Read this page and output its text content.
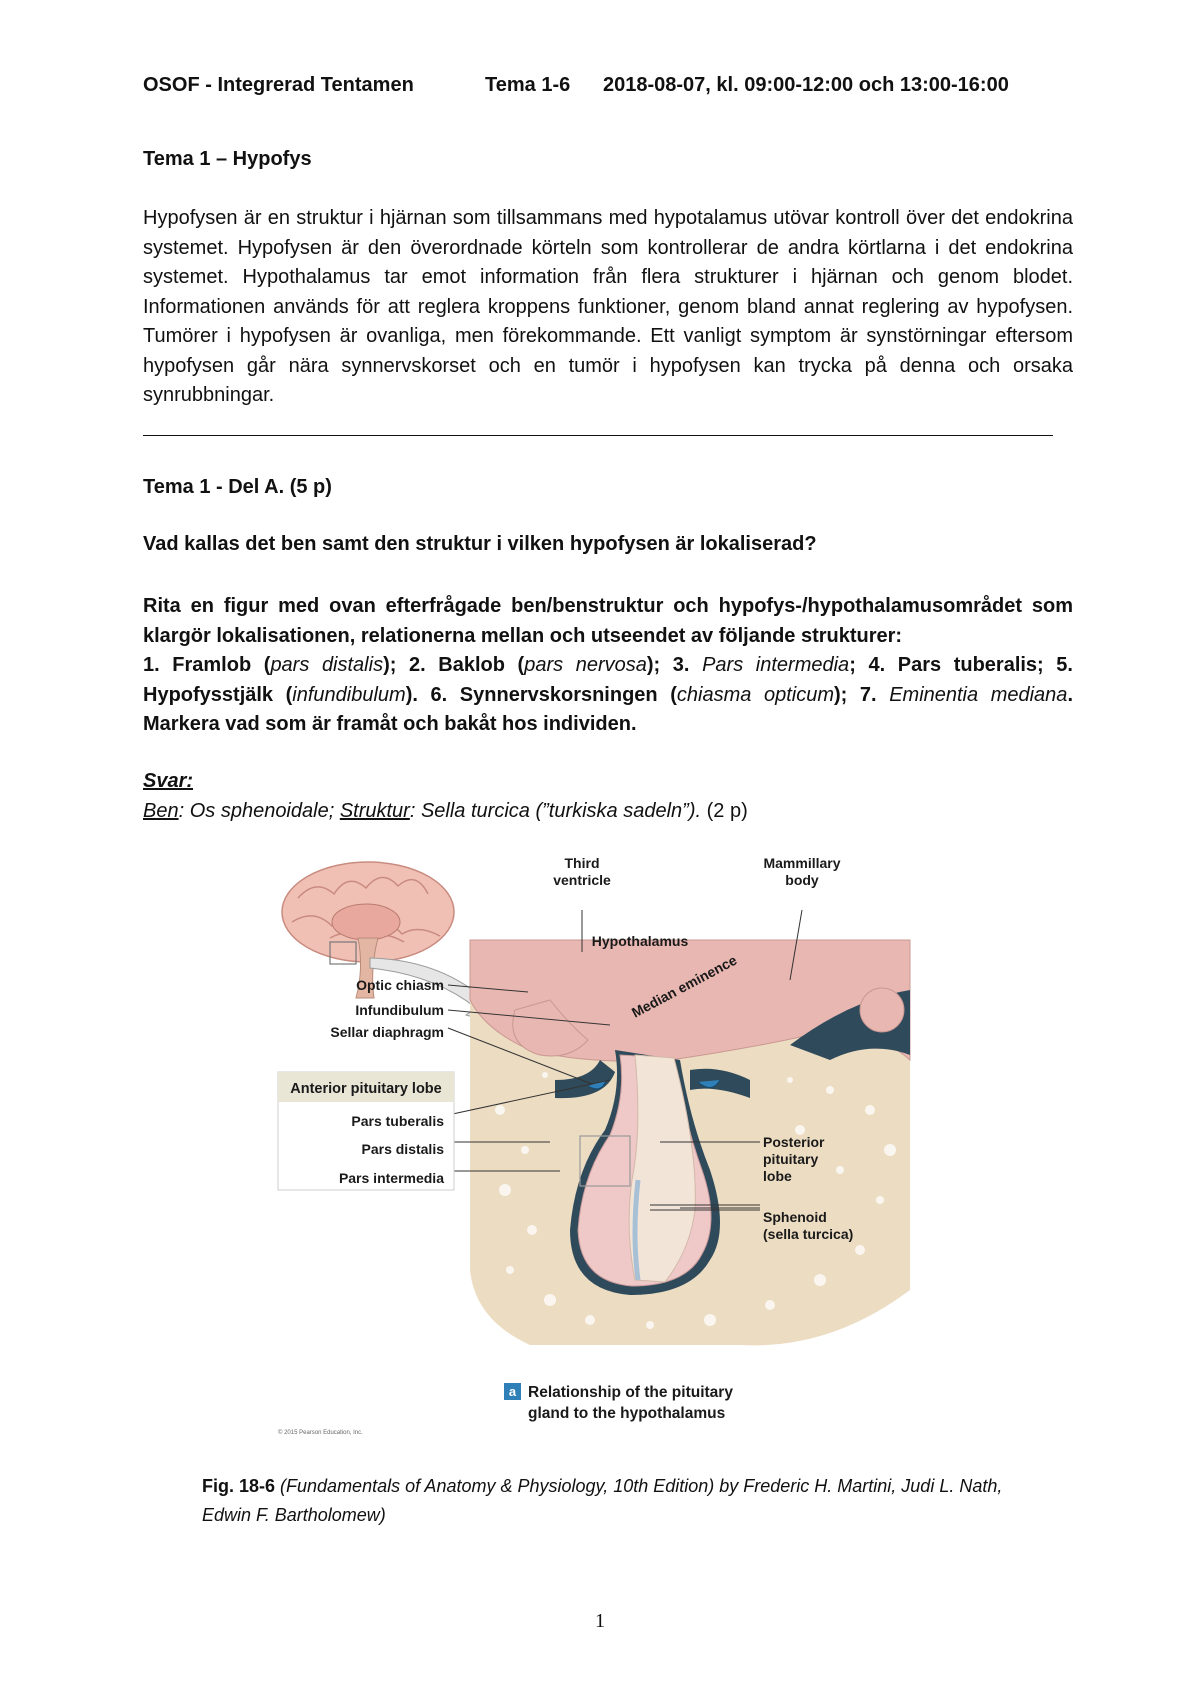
OSOF - Integrerad Tentamen	Tema 1-6 2018-08-07, kl. 09:00-12:00 och 13:00-16:00
Tema 1 – Hypofys
Hypofysen är en struktur i hjärnan som tillsammans med hypotalamus utövar kontroll över det endokrina systemet. Hypofysen är den överordnade körteln som kontrollerar de andra körtlarna i det endokrina systemet. Hypothalamus tar emot information från flera strukturer i hjärnan och genom blodet. Informationen används för att reglera kroppens funktioner, genom bland annat reglering av hypofysen. Tumörer i hypofysen är ovanliga, men förekommande. Ett vanligt symptom är synstörningar eftersom hypofysen går nära synnervskorset och en tumör i hypofysen kan trycka på denna och orsaka synrubbningar.
Tema 1 - Del A. (5 p)
Vad kallas det ben samt den struktur i vilken hypofysen är lokaliserad?
Rita en figur med ovan efterfrågade ben/benstruktur och hypofys-/hypothalamusområdet som klargör lokalisationen, relationerna mellan och utseendet av följande strukturer:
1. Framlob (pars distalis); 2. Baklob (pars nervosa); 3. Pars intermedia; 4. Pars tuberalis; 5. Hypofysstjälk (infundibulum). 6. Synnervskorsningen (chiasma opticum); 7. Eminentia mediana. Markera vad som är framåt och bakåt hos individen.
Svar:
Ben: Os sphenoidale; Struktur: Sella turcica (”turkiska sadeln”). (2 p)
Third
ventricle
Mammillary
body
Hypothalamus
Median eminence
Optic chiasm
Infundibulum
Sellar diaphragm
Anterior pituitary lobe
Pars tuberalis
Pars distalis
Pars intermedia
Posterior
pituitary
lobe
Sphenoid
(sella turcica)
a Relationship of the pituitary
gland to the hypothalamus
© 2015 Pearson Education, Inc.
Fig. 18-6 (Fundamentals of Anatomy & Physiology, 10th Edition) by Frederic H. Martini, Judi L. Nath, Edwin F. Bartholomew)
1
